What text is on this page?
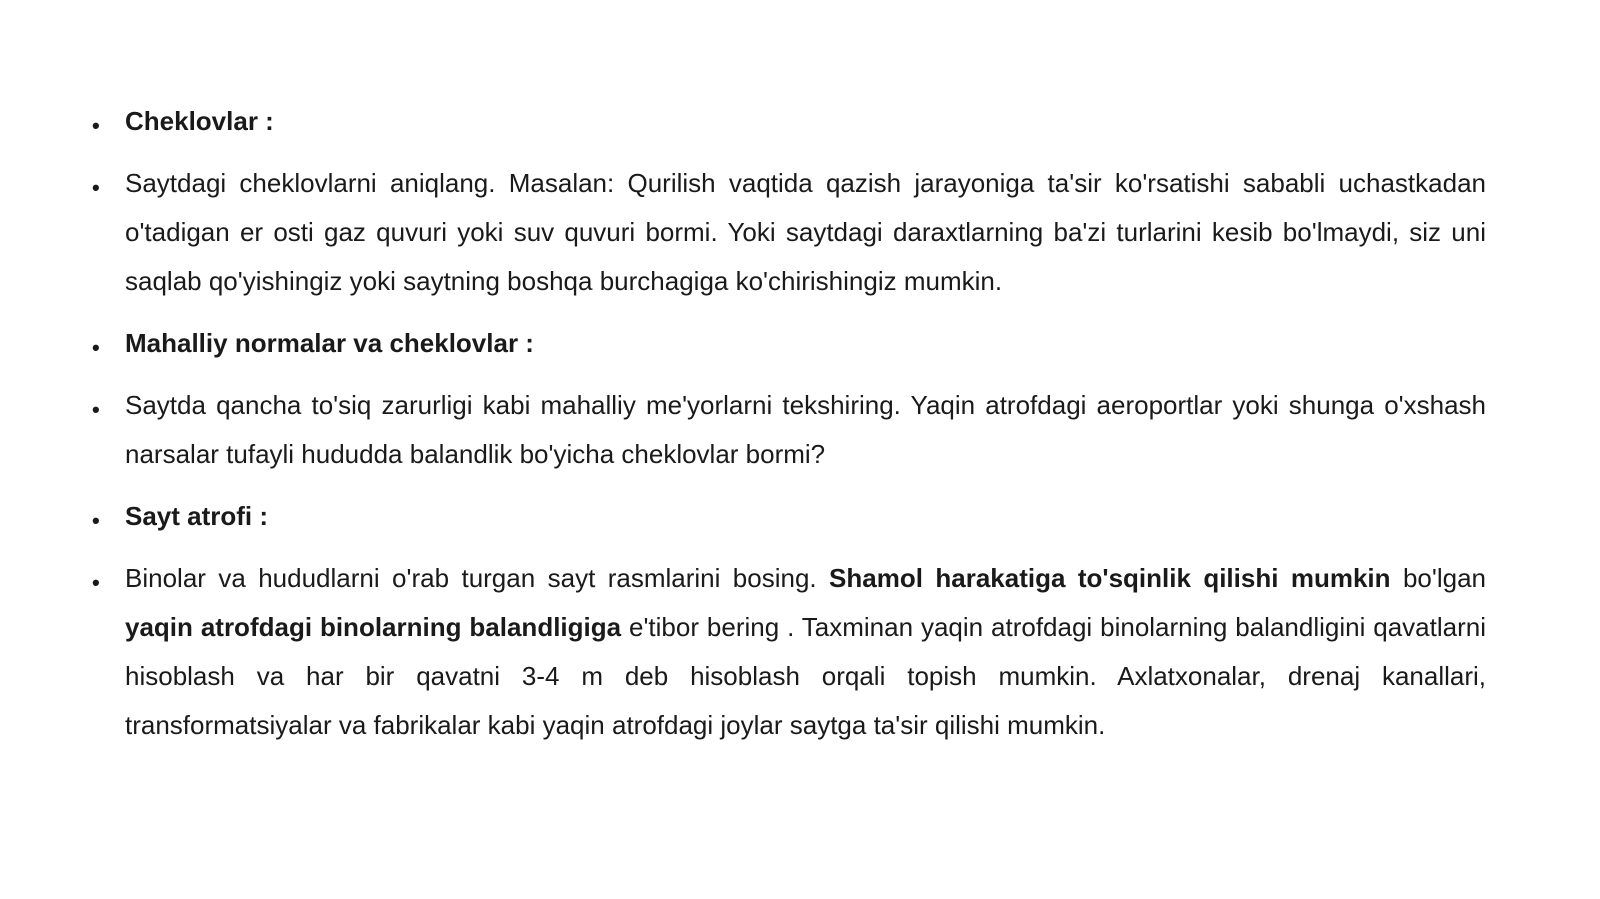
• Cheklovlar :
• Saytdagi cheklovlarni aniqlang. Masalan: Qurilish vaqtida qazish jarayoniga ta'sir ko'rsatishi sababli uchastkadan o'tadigan er osti gaz quvuri yoki suv quvuri bormi. Yoki saytdagi daraxtlarning ba'zi turlarini kesib bo'lmaydi, siz uni saqlab qo'yishingiz yoki saytning boshqa burchagiga ko'chirishingiz mumkin.
• Mahalliy normalar va cheklovlar :
• Saytda qancha to'siq zarurligi kabi mahalliy me'yorlarni tekshiring. Yaqin atrofdagi aeroportlar yoki shunga o'xshash narsalar tufayli hududda balandlik bo'yicha cheklovlar bormi?
• Sayt atrofi :
• Binolar va hududlarni o'rab turgan sayt rasmlarini bosing. Shamol harakatiga to'sqinlik qilishi mumkin bo'lgan yaqin atrofdagi binolarning balandligiga e'tibor bering . Taxminan yaqin atrofdagi binolarning balandligini qavatlarni hisoblash va har bir qavatni 3-4 m deb hisoblash orqali topish mumkin. Axlatxonalar, drenaj kanallari, transformatsiyalar va fabrikalar kabi yaqin atrofdagi joylar saytga ta'sir qilishi mumkin.
